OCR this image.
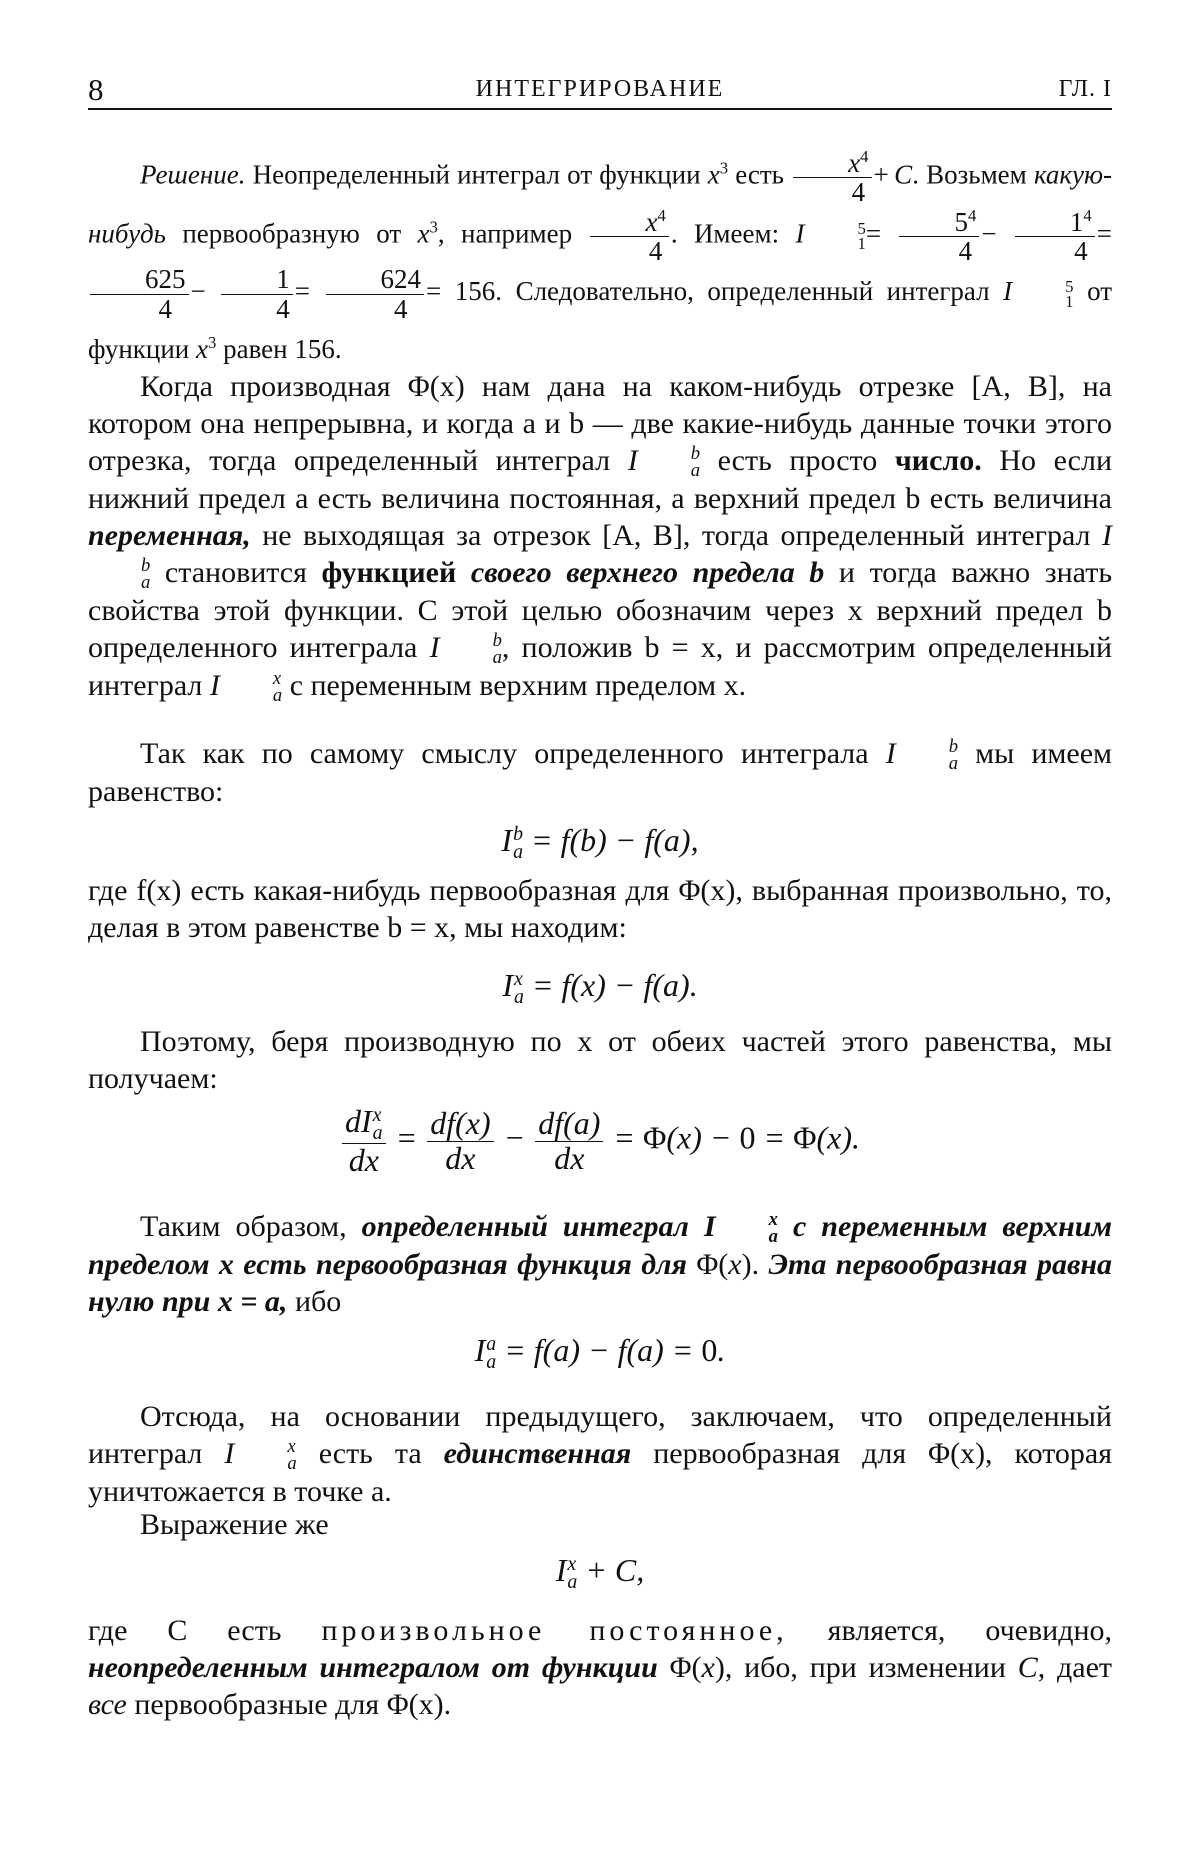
8	ИНТЕГРИРОВАНИЕ	ГЛ. I
Решение. Неопределенный интеграл от функции $x^3$ есть $\frac{x^4}{4} + C$. Возьмем какую-нибудь первообразную от $x^3$, например $\frac{x^4}{4}$ . Имеем: I	5
$1 = \frac{5^4}{4} - \frac{1^4}{4}$ =
$\frac{625}{4} - \frac{1}{4} = \frac{624}{4} = 156$. Следовательно, определенный интеграл I	5
1 от функции $x^3$ равен 156.
Когда производная Φ(x) нам дана на каком-нибудь отрезке [A, B], на котором она непрерывна, и когда a и b — две какие-нибудь данные точки этого отрезка, тогда определенный интеграл I	b
a есть просто число. Но если нижний предел a есть величина постоянная, а верхний предел b есть величина переменная, не выходящая за отрезок [A, B], тогда определенный интеграл I
b
a становится функцией своего верхнего предела b и тогда важно знать свойства этой функции. С этой целью обозначим через x верхний предел b определенного интеграла I	b
a , положив b = x, и рассмотрим определенный интеграл I	x
a с переменным верхним пределом x.
Так как по самому смыслу определенного интеграла I	b
a мы имеем равенство:
I b
a = f(b) − f(a),
где f(x) есть какая-нибудь первообразная для Φ(x), выбранная произвольно, то, делая в этом равенстве b = x, мы находим:
I x
a = f(x) − f(a).
Поэтому, беря производную по x от обеих частей этого равенства, мы получаем:
dI x
a
dx = $\frac{df(x)}{dx} - \frac{df(a)}{dx} = \Phi(x) - 0 = \Phi(x)$.
Таким образом, определенный интеграл I	x
a с переменным верхним пределом x есть первообразная функция для Φ(x). Эта первообразная равна нулю при x = a, ибо
I a
a = f(a) − f(a) = 0.
Отсюда, на основании предыдущего, заключаем, что определенный интеграл I	x
a есть та единственная первообразная для Φ(x), которая уничтожается в точке a.
Выражение же
I x
a + C,
где C есть произвольное постоянное, является, очевидно, неопределенным интегралом от функции Φ(x), ибо, при изменении C, дает все первообразные для Φ(x).
